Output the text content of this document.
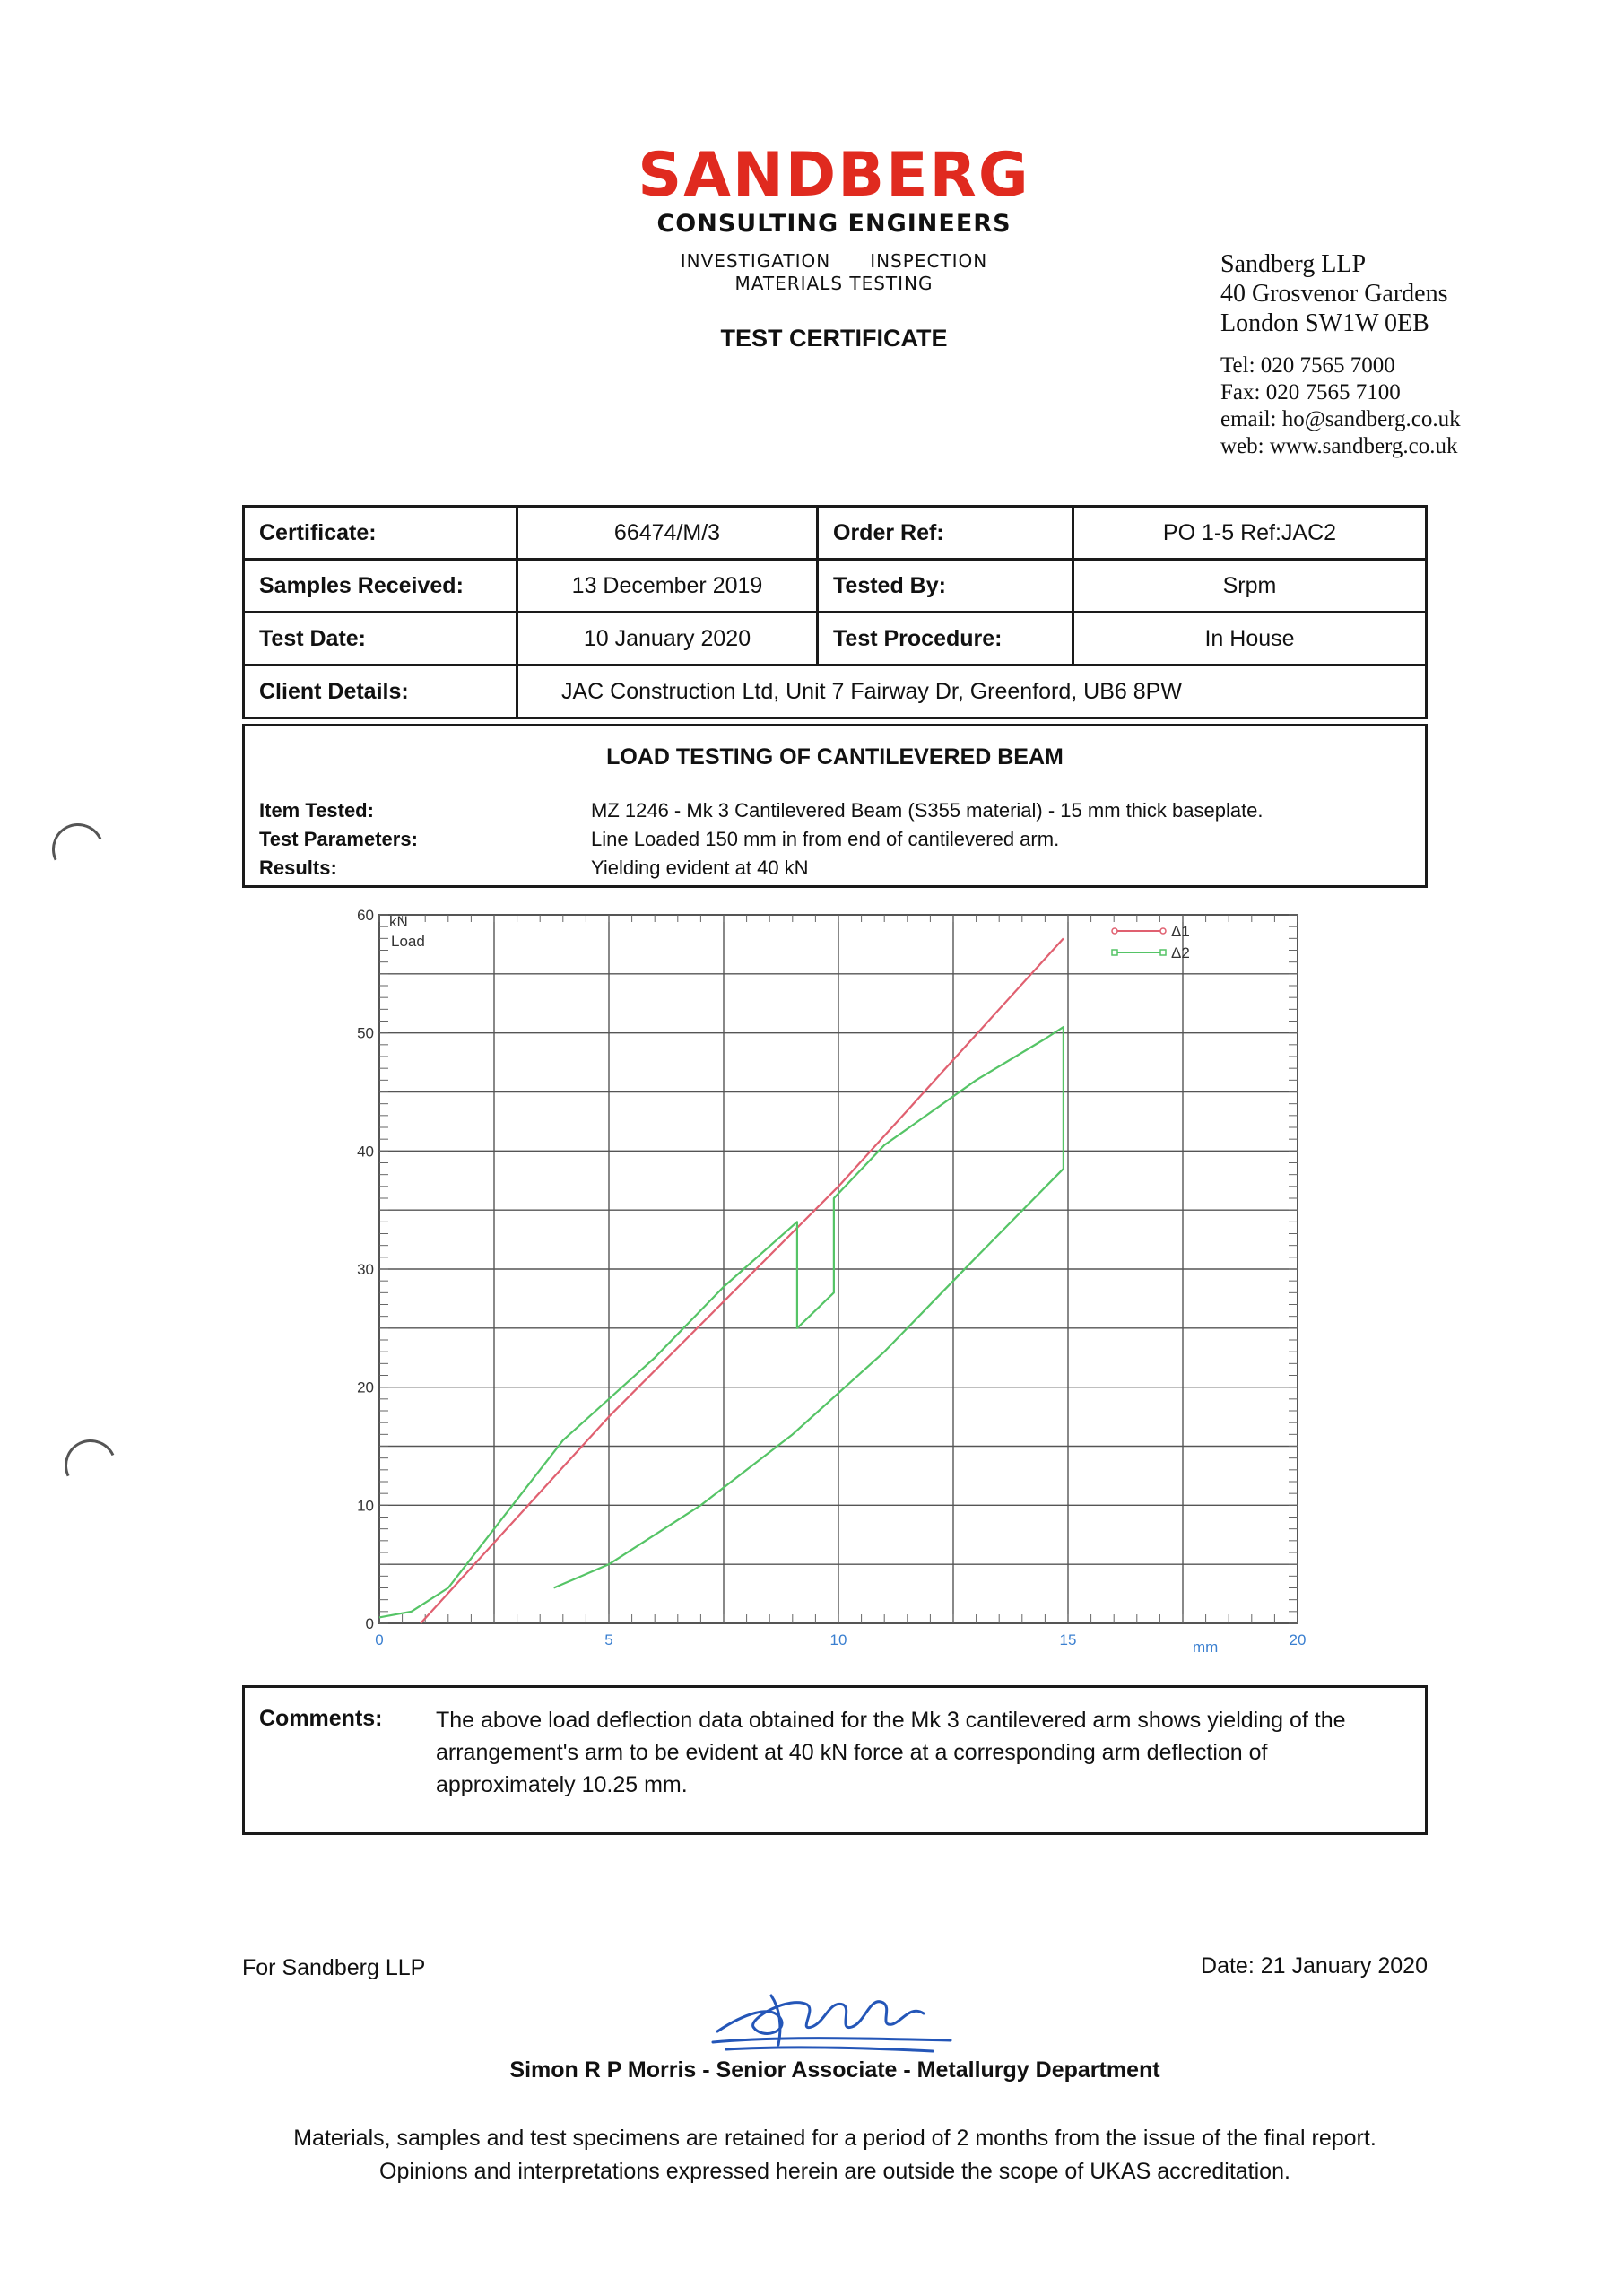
SANDBERG
CONSULTING ENGINEERS
INVESTIGATION INSPECTION
MATERIALS TESTING
TEST CERTIFICATE
Sandberg LLP
40 Grosvenor Gardens
London SW1W 0EB
Tel: 020 7565 7000
Fax: 020 7565 7100
email: ho@sandberg.co.uk
web: www.sandberg.co.uk
Certificate:	66474/M/3	Order Ref:	PO 1-5 Ref:JAC2
Samples Received:	13 December 2019	Tested By:	Srpm
Test Date:	10 January 2020	Test Procedure:	In House
Client Details:	JAC Construction Ltd, Unit 7 Fairway Dr, Greenford, UB6 8PW		
LOAD TESTING OF CANTILEVERED BEAM
Item Tested:	MZ 1246 - Mk 3 Cantilevered Beam (S355 material) - 15 mm thick baseplate.
Test Parameters:	Line Loaded 150 mm in from end of cantilevered arm.
Results:	Yielding evident at 40 kN
0	5	10	15	20
0
10
20
30
40
50
60 kN
Load
mm
Δ1
Δ2
Comments: The above load deflection data obtained for the Mk 3 cantilevered arm shows yielding of the arrangement's arm to be evident at 40 kN force at a corresponding arm deflection of approximately 10.25 mm.
For Sandberg LLP	Date: 21 January 2020
Simon R P Morris - Senior Associate - Metallurgy Department
Materials, samples and test specimens are retained for a period of 2 months from the issue of the final report.
Opinions and interpretations expressed herein are outside the scope of UKAS accreditation.
